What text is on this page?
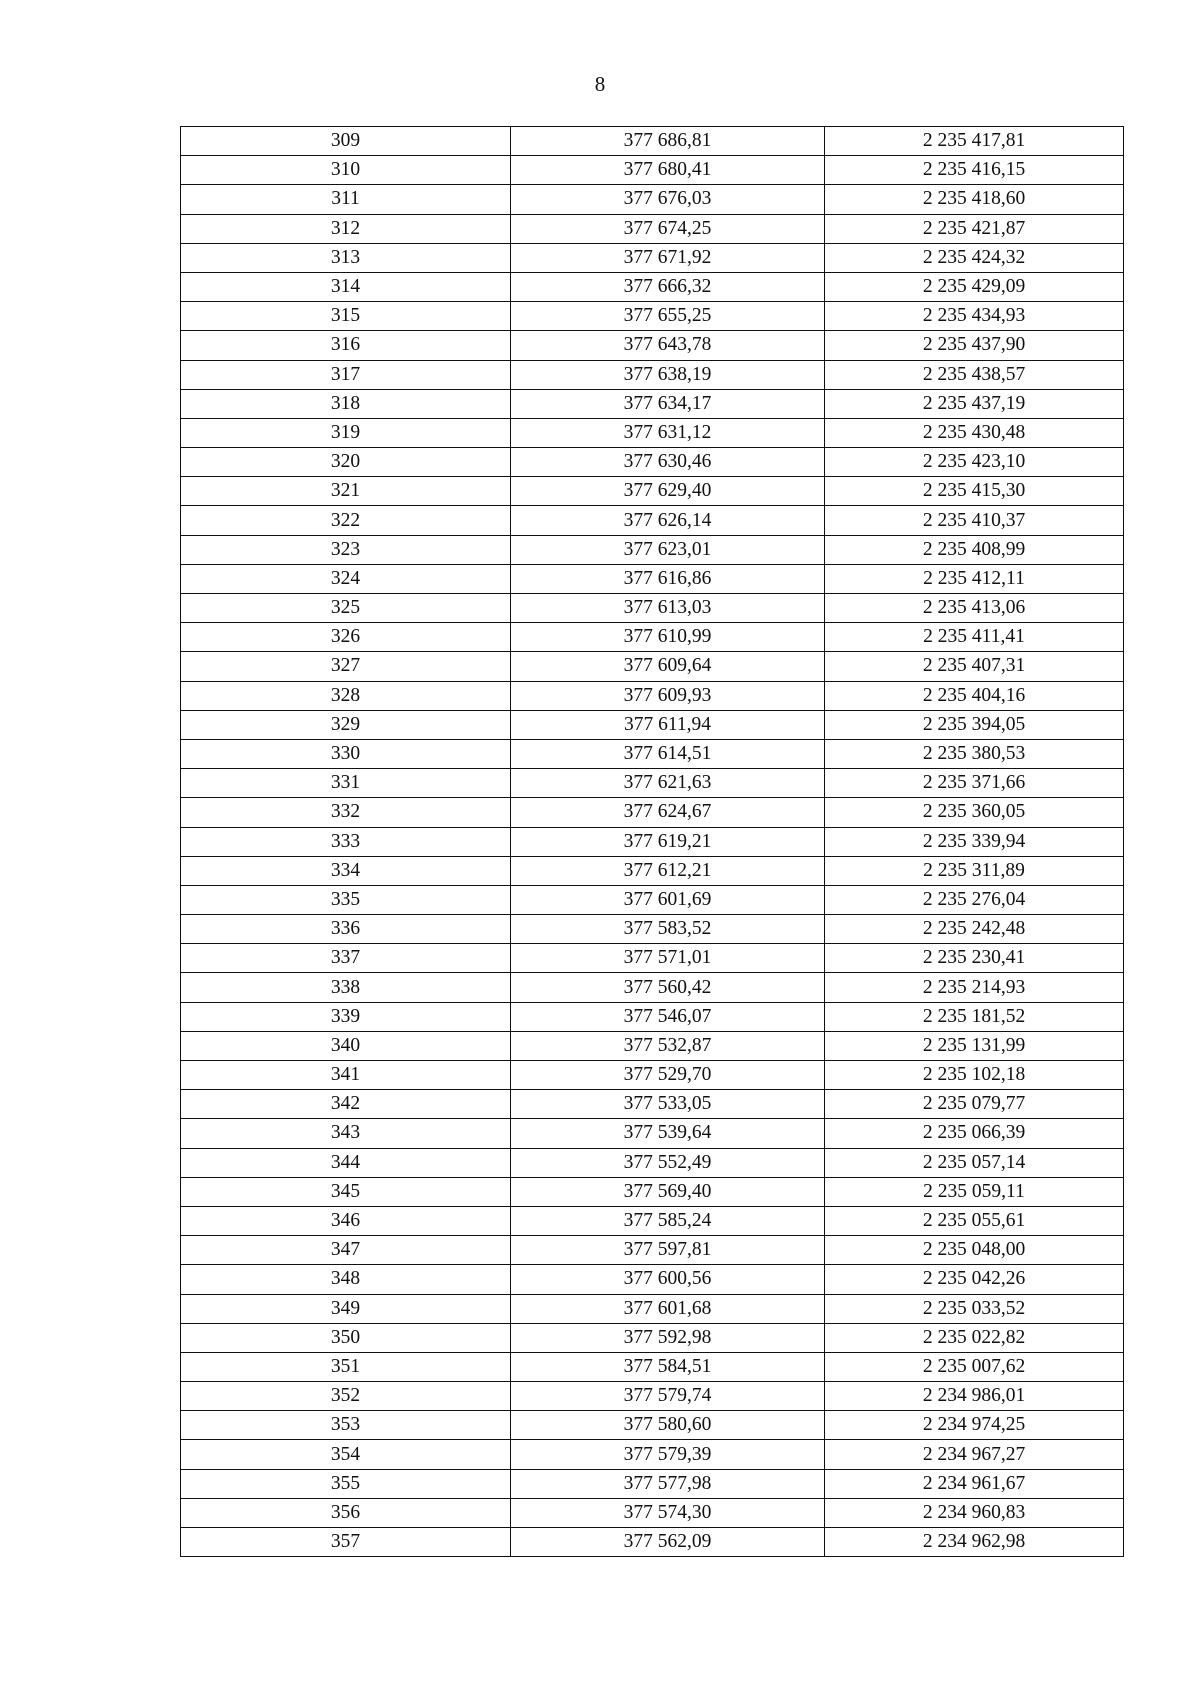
8
309	377 686,81	2 235 417,81
310	377 680,41	2 235 416,15
311	377 676,03	2 235 418,60
312	377 674,25	2 235 421,87
313	377 671,92	2 235 424,32
314	377 666,32	2 235 429,09
315	377 655,25	2 235 434,93
316	377 643,78	2 235 437,90
317	377 638,19	2 235 438,57
318	377 634,17	2 235 437,19
319	377 631,12	2 235 430,48
320	377 630,46	2 235 423,10
321	377 629,40	2 235 415,30
322	377 626,14	2 235 410,37
323	377 623,01	2 235 408,99
324	377 616,86	2 235 412,11
325	377 613,03	2 235 413,06
326	377 610,99	2 235 411,41
327	377 609,64	2 235 407,31
328	377 609,93	2 235 404,16
329	377 611,94	2 235 394,05
330	377 614,51	2 235 380,53
331	377 621,63	2 235 371,66
332	377 624,67	2 235 360,05
333	377 619,21	2 235 339,94
334	377 612,21	2 235 311,89
335	377 601,69	2 235 276,04
336	377 583,52	2 235 242,48
337	377 571,01	2 235 230,41
338	377 560,42	2 235 214,93
339	377 546,07	2 235 181,52
340	377 532,87	2 235 131,99
341	377 529,70	2 235 102,18
342	377 533,05	2 235 079,77
343	377 539,64	2 235 066,39
344	377 552,49	2 235 057,14
345	377 569,40	2 235 059,11
346	377 585,24	2 235 055,61
347	377 597,81	2 235 048,00
348	377 600,56	2 235 042,26
349	377 601,68	2 235 033,52
350	377 592,98	2 235 022,82
351	377 584,51	2 235 007,62
352	377 579,74	2 234 986,01
353	377 580,60	2 234 974,25
354	377 579,39	2 234 967,27
355	377 577,98	2 234 961,67
356	377 574,30	2 234 960,83
357	377 562,09	2 234 962,98
